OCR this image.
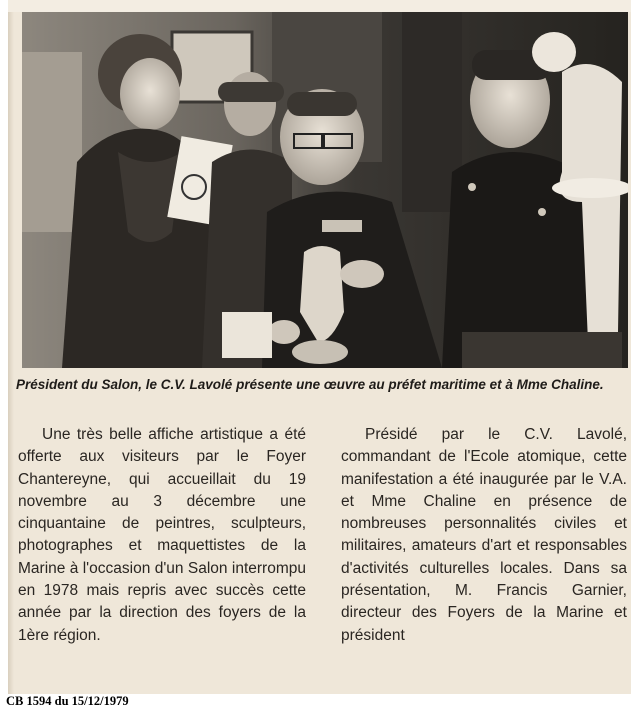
Président du Salon, le C.V. Lavolé présente une œuvre au préfet maritime et à Mme Chaline.

Une très belle affiche artistique a été offerte aux visiteurs par le Foyer Chantereyne, qui accueillait du 19 novembre au 3 décembre une cinquantaine de peintres, sculpteurs, photographes et maquettistes de la Marine à l'occasion d'un Salon interrompu en 1978 mais repris avec succès cette année par la direction des foyers de la 1ère région.

Présidé par le C.V. Lavolé, commandant de l'Ecole atomique, cette manifestation a été inaugurée par le V.A. et Mme Chaline en présence de nombreuses personnalités civiles et militaires, amateurs d'art et responsables d'activités culturelles locales. Dans sa présentation, M. Francis Garnier, directeur des Foyers de la Marine et président

CB 1594 du 15/12/1979
